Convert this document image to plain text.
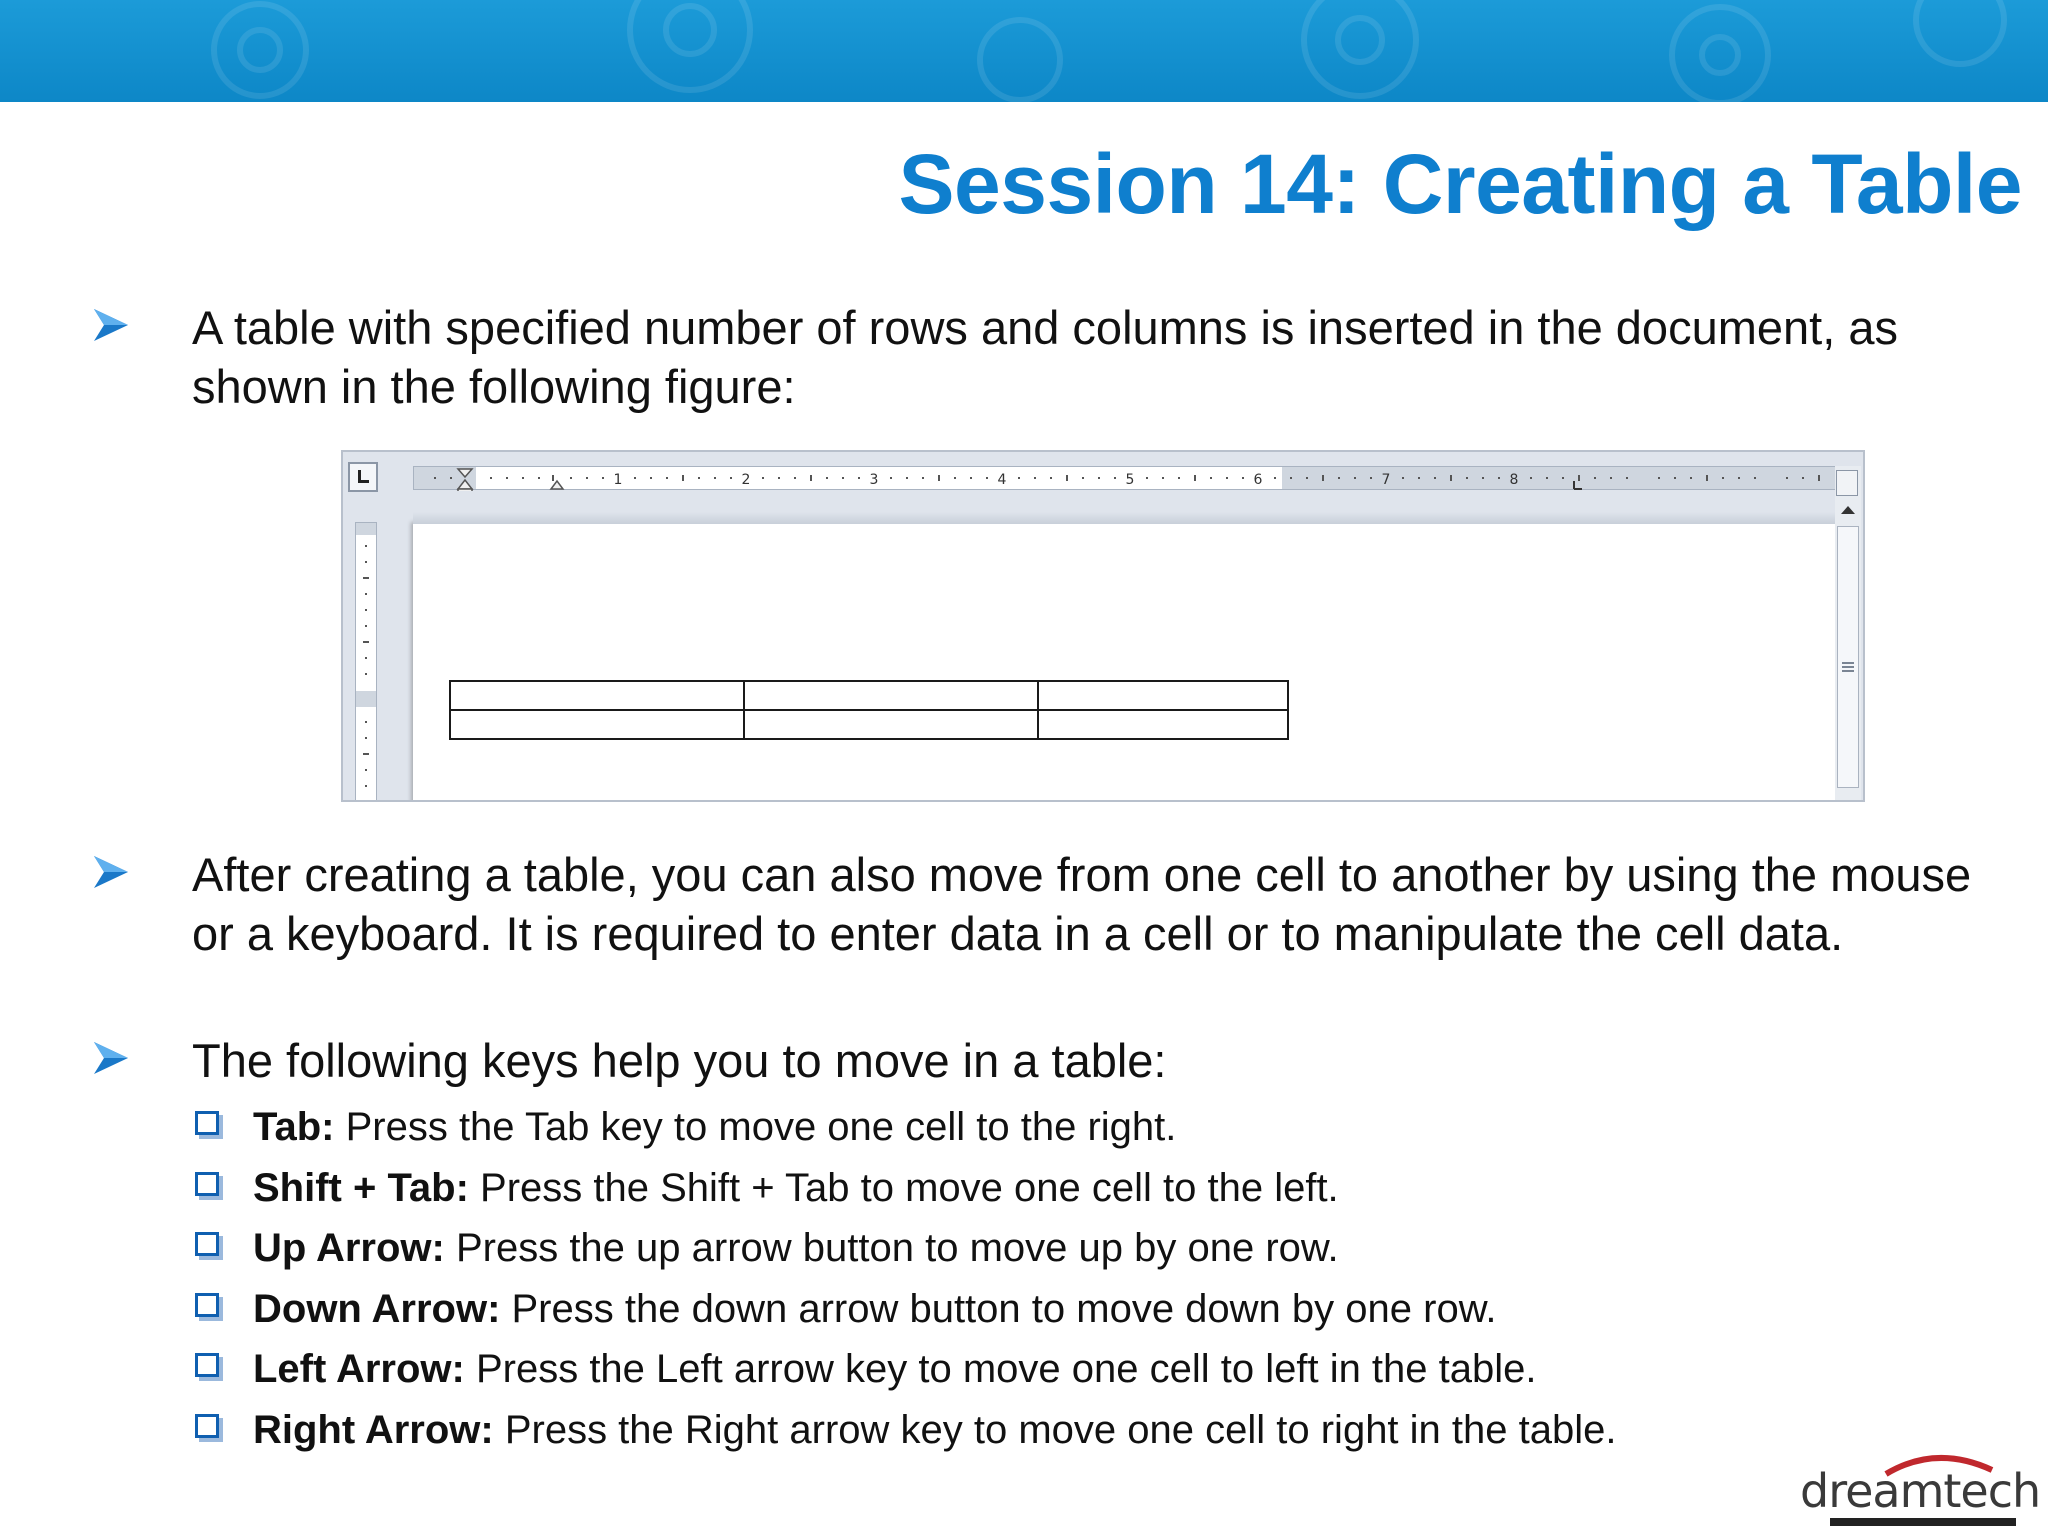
Session 14: Creating a Table
A table with specified number of rows and columns is inserted in the document, as shown in the following figure:
1	2	3	4	5	6	7	8

After creating a table, you can also move from one cell to another by using the mouse or a keyboard. It is required to enter data in a cell or to manipulate the cell data.
The following keys help you to move in a table:
Tab: Press the Tab key to move one cell to the right.
Shift + Tab: Press the Shift + Tab to move one cell to the left.
Up Arrow: Press the up arrow button to move up by one row.
Down Arrow: Press the down arrow button to move down by one row.
Left Arrow: Press the Left arrow key to move one cell to left in the table.
Right Arrow: Press the Right arrow key to move one cell to right in the table.
dreamtech
